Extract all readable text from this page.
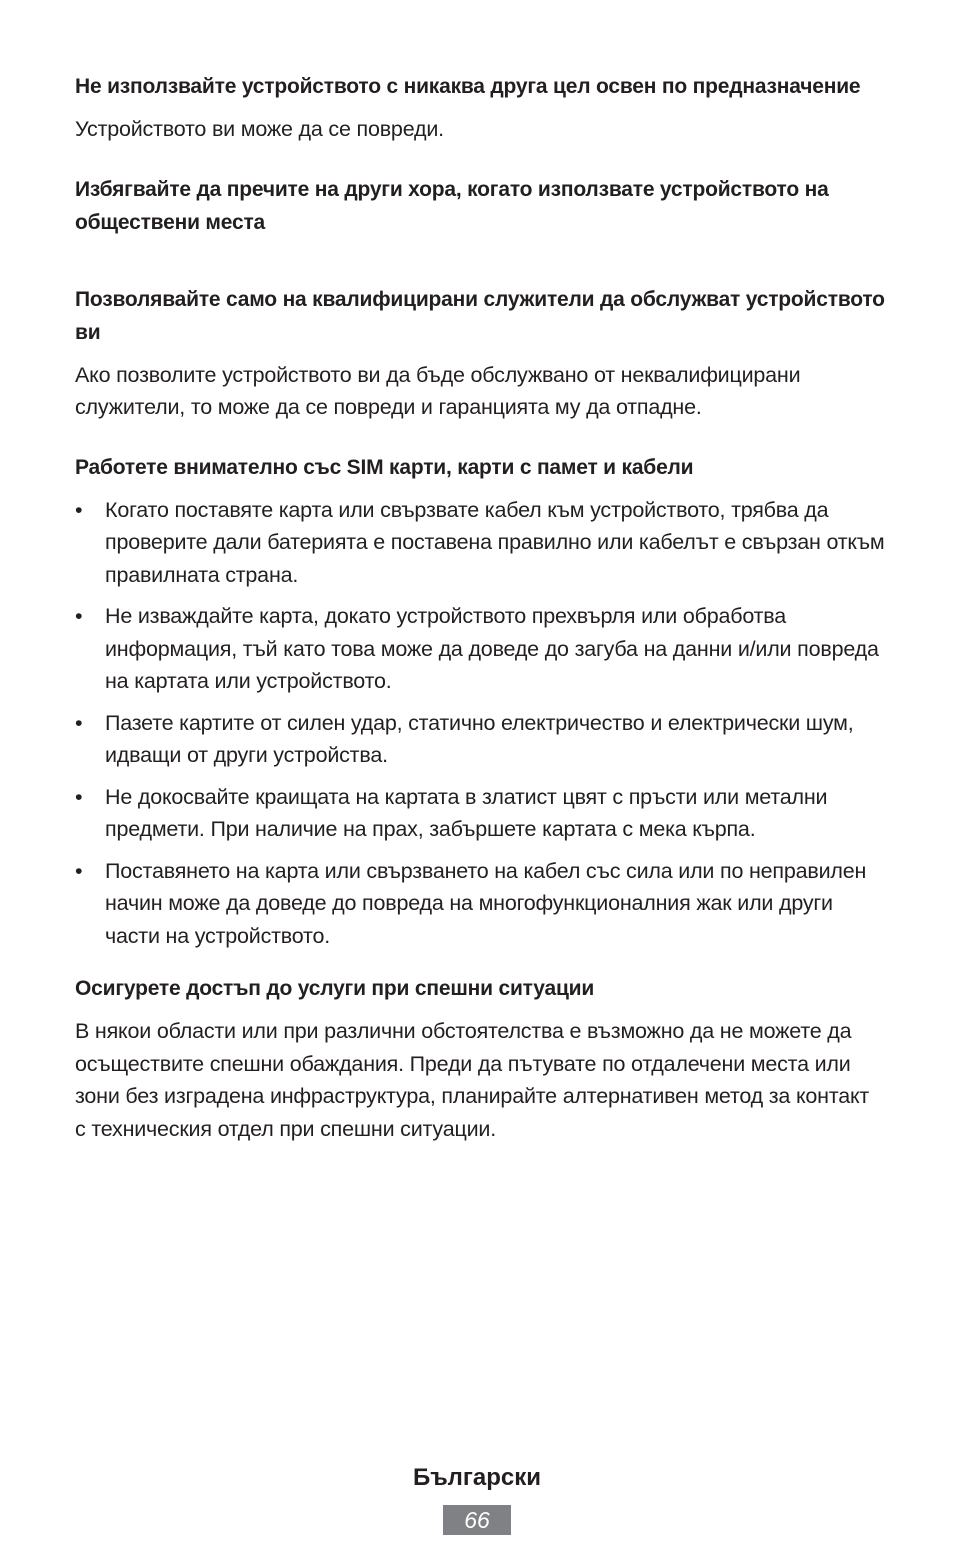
Не използвайте устройството с никаква друга цел освен по предназначение

Устройството ви може да се повреди.

Избягвайте да пречите на други хора, когато използвате устройството на обществени места

Позволявайте само на квалифицирани служители да обслужват устройството ви

Ако позволите устройството ви да бъде обслужвано от неквалифицирани служители, то може да се повреди и гаранцията му да отпадне.

Работете внимателно със SIM карти, карти с памет и кабели

•	Когато поставяте карта или свързвате кабел към устройството, трябва да проверите дали батерията е поставена правилно или кабелът е свързан откъм правилната страна.
•	Не изваждайте карта, докато устройството прехвърля или обработва информация, тъй като това може да доведе до загуба на данни и/или повреда на картата или устройството.
•	Пазете картите от силен удар, статично електричество и електрически шум, идващи от други устройства.
•	Не докосвайте краищата на картата в златист цвят с пръсти или метални предмети. При наличие на прах, забършете картата с мека кърпа.
•	Поставянето на карта или свързването на кабел със сила или по неправилен начин може да доведе до повреда на многофункционалния жак или други части на устройството.

Осигурете достъп до услуги при спешни ситуации

В някои области или при различни обстоятелства е възможно да не можете да осъществите спешни обаждания. Преди да пътувате по отдалечени места или зони без изградена инфраструктура, планирайте алтернативен метод за контакт с техническия отдел при спешни ситуации.

Български
66
